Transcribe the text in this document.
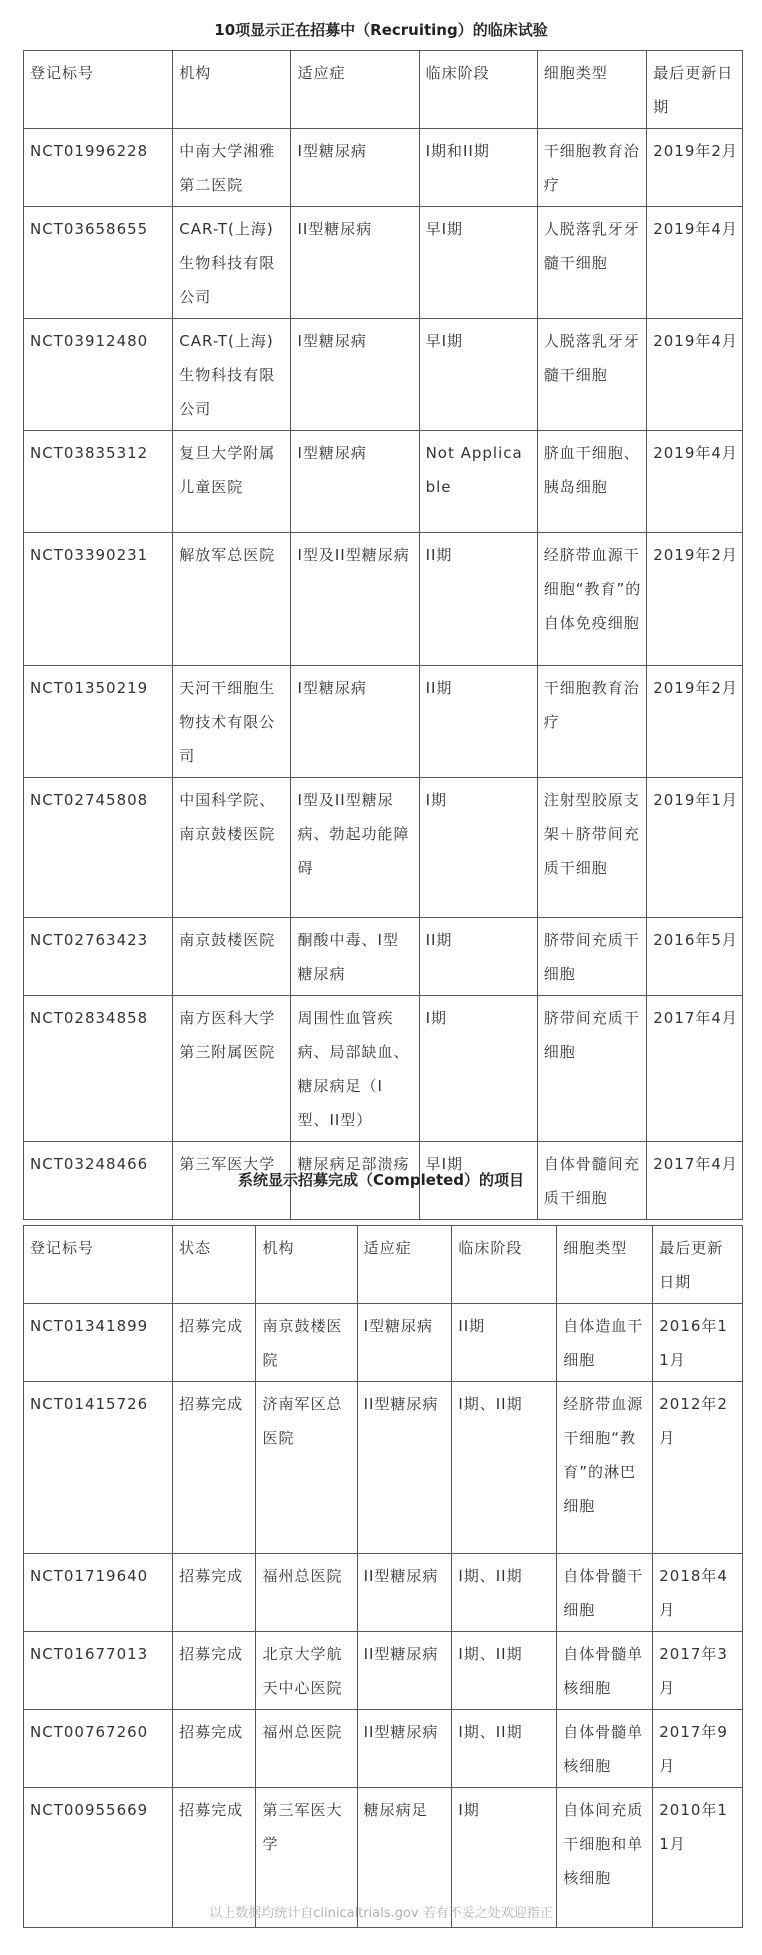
10项显示正在招募中（Recruiting）的临床试验
登记标号	机构	适应症	临床阶段	细胞类型	最后更新日期
NCT01996228	中南大学湘雅第二医院	I型糖尿病	I期和II期	干细胞教育治疗	2019年2月
NCT03658655	CAR-T(上海)生物科技有限公司	II型糖尿病	早I期	人脱落乳牙牙髓干细胞	2019年4月
NCT03912480	CAR-T(上海)生物科技有限公司	I型糖尿病	早I期	人脱落乳牙牙髓干细胞	2019年4月
NCT03835312	复旦大学附属儿童医院	I型糖尿病	Not Applicable	脐血干细胞、胰岛细胞	2019年4月
NCT03390231	解放军总医院	I型及II型糖尿病	II期	经脐带血源干细胞“教育”的自体免疫细胞	2019年2月
NCT01350219	天河干细胞生物技术有限公司	I型糖尿病	II期	干细胞教育治疗	2019年2月
NCT02745808	中国科学院、南京鼓楼医院	I型及II型糖尿病、勃起功能障碍	I期	注射型胶原支架＋脐带间充质干细胞	2019年1月
NCT02763423	南京鼓楼医院	酮酸中毒、I型糖尿病	II期	脐带间充质干细胞	2016年5月
NCT02834858	南方医科大学第三附属医院	周围性血管疾病、局部缺血、糖尿病足（I型、II型）	I期	脐带间充质干细胞	2017年4月
NCT03248466	第三军医大学	糖尿病足部溃疡	早I期	自体骨髓间充质干细胞	2017年4月
系统显示招募完成（Completed）的项目
登记标号	状态	机构	适应症	临床阶段	细胞类型	最后更新日期
NCT01341899	招募完成	南京鼓楼医院	I型糖尿病	II期	自体造血干细胞	2016年11月
NCT01415726	招募完成	济南军区总医院	II型糖尿病	I期、II期	经脐带血源干细胞“教育”的淋巴细胞	2012年2月
NCT01719640	招募完成	福州总医院	II型糖尿病	I期、II期	自体骨髓干细胞	2018年4月
NCT01677013	招募完成	北京大学航天中心医院	II型糖尿病	I期、II期	自体骨髓单核细胞	2017年3月
NCT00767260	招募完成	福州总医院	II型糖尿病	I期、II期	自体骨髓单核细胞	2017年9月
NCT00955669	招募完成	第三军医大学	糖尿病足	I期	自体间充质干细胞和单核细胞	2010年11月
以上数据均统计自clinicaltrials.gov 若有不妥之处欢迎指正
